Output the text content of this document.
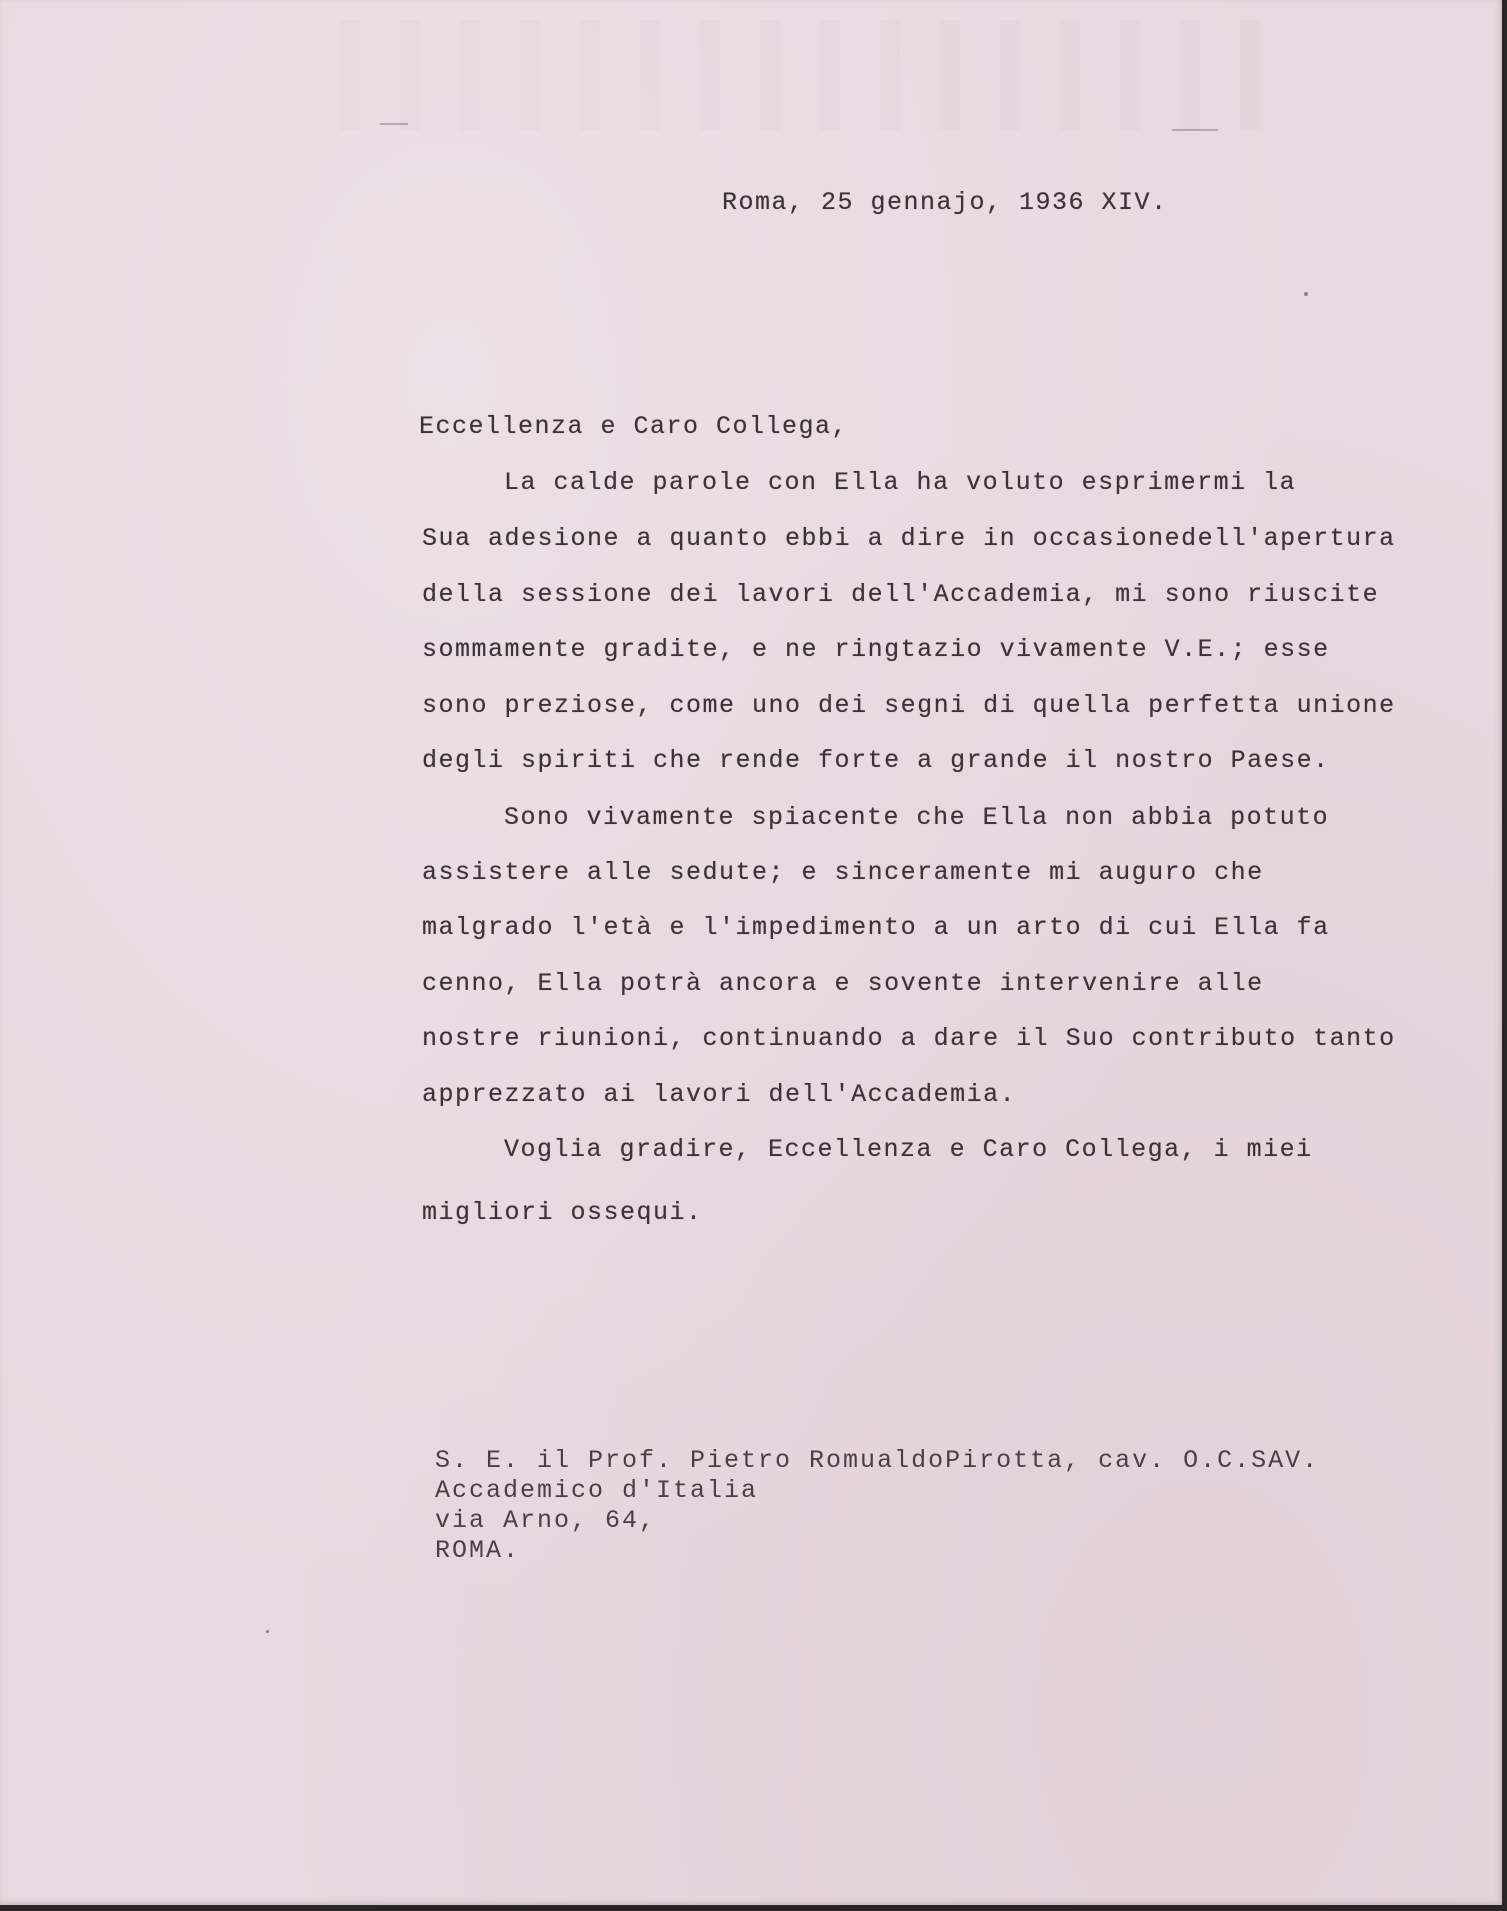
Roma, 25 gennajo, 1936 XIV.
Eccellenza e Caro Collega,
La calde parole con Ella ha voluto esprimermi la
Sua adesione a quanto ebbi a dire in occasionedell'apertura
della sessione dei lavori dell'Accademia, mi sono riuscite
sommamente gradite, e ne ringtazio vivamente V.E.; esse
sono preziose, come uno dei segni di quella perfetta unione
degli spiriti che rende forte a grande il nostro Paese.
Sono vivamente spiacente che Ella non abbia potuto
assistere alle sedute; e sinceramente mi auguro che
malgrado l'età e l'impedimento a un arto di cui Ella fa
cenno, Ella potrà ancora e sovente intervenire alle
nostre riunioni, continuando a dare il Suo contributo tanto
apprezzato ai lavori dell'Accademia.
Voglia gradire, Eccellenza e Caro Collega, i miei
migliori ossequi.
S. E. il Prof. Pietro RomualdoPirotta, cav. O.C.SAV.
Accademico d'Italia
via Arno, 64,
ROMA.
